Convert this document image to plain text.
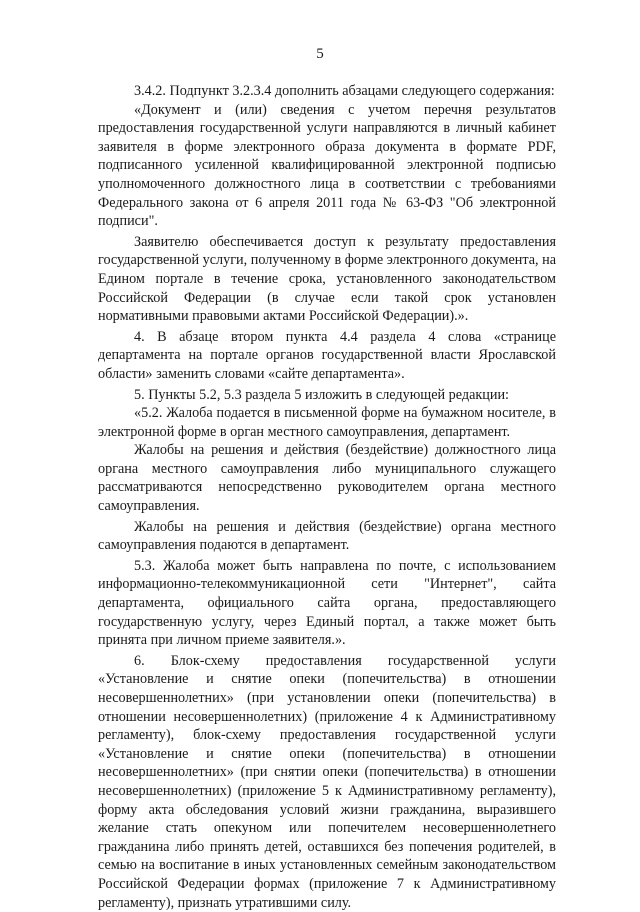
5

3.4.2. Подпункт 3.2.3.4 дополнить абзацами следующего содержания:

«Документ и (или) сведения с учетом перечня результатов предоставления государственной услуги направляются в личный кабинет заявителя в форме электронного образа документа в формате PDF, подписанного усиленной квалифицированной электронной подписью уполномоченного должностного лица в соответствии с требованиями Федерального закона от 6 апреля 2011 года № 63-ФЗ "Об электронной подписи".

Заявителю обеспечивается доступ к результату предоставления государственной услуги, полученному в форме электронного документа, на Едином портале в течение срока, установленного законодательством Российской Федерации (в случае если такой срок установлен нормативными правовыми актами Российской Федерации).».

4. В абзаце втором пункта 4.4 раздела 4 слова «странице департамента на портале органов государственной власти Ярославской области» заменить словами «сайте департамента».

5. Пункты 5.2, 5.3 раздела 5 изложить в следующей редакции:

«5.2. Жалоба подается в письменной форме на бумажном носителе, в электронной форме в орган местного самоуправления, департамент.

Жалобы на решения и действия (бездействие) должностного лица органа местного самоуправления либо муниципального служащего рассматриваются непосредственно руководителем органа местного самоуправления.

Жалобы на решения и действия (бездействие) органа местного самоуправления подаются в департамент.

5.3. Жалоба может быть направлена по почте, с использованием информационно-телекоммуникационной сети "Интернет", сайта департамента, официального сайта органа, предоставляющего государственную услугу, через Единый портал, а также может быть принята при личном приеме заявителя.».

6. Блок-схему предоставления государственной услуги «Установление и снятие опеки (попечительства) в отношении несовершеннолетних» (при установлении опеки (попечительства) в отношении несовершеннолетних) (приложение 4 к Административному регламенту), блок-схему предоставления государственной услуги «Установление и снятие опеки (попечительства) в отношении несовершеннолетних» (при снятии опеки (попечительства) в отношении несовершеннолетних) (приложение 5 к Административному регламенту), форму акта обследования условий жизни гражданина, выразившего желание стать опекуном или попечителем несовершеннолетнего гражданина либо принять детей, оставшихся без попечения родителей, в семью на воспитание в иных установленных семейным законодательством Российской Федерации формах (приложение 7 к Административному регламенту), признать утратившими силу.
